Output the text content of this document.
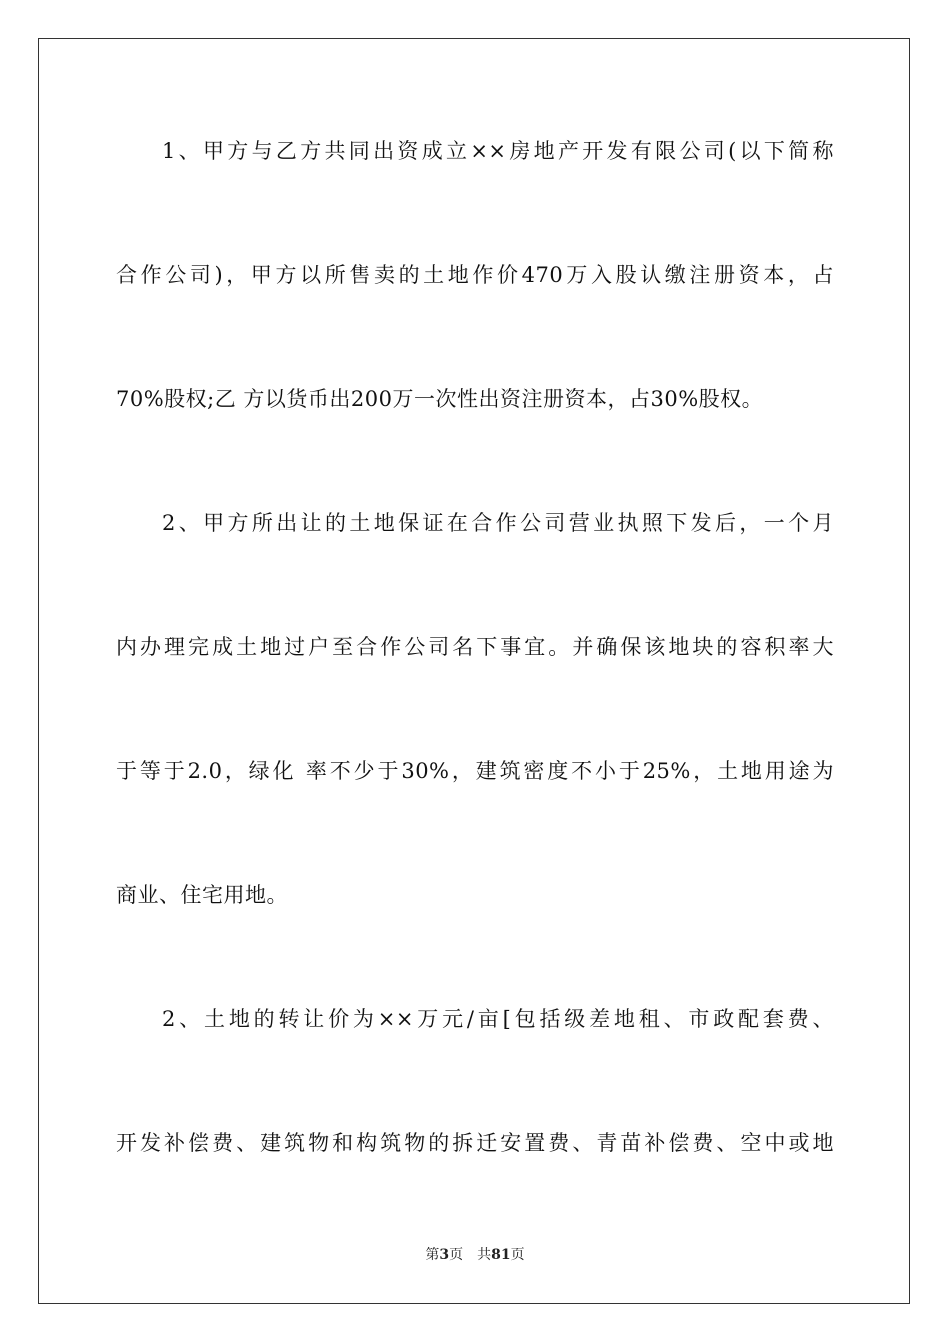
1、甲方与乙方共同出资成立××房地产开发有限公司(以下简称
合作公司)，甲方以所售卖的土地作价470万入股认缴注册资本，占
70%股权;乙 方以货币出200万一次性出资注册资本，占30%股权。
2、甲方所出让的土地保证在合作公司营业执照下发后，一个月
内办理完成土地过户至合作公司名下事宜。并确保该地块的容积率大
于等于2.0，绿化 率不少于30%，建筑密度不小于25%，土地用途为
商业、住宅用地。
2、土地的转让价为××万元/亩[包括级差地租、市政配套费、
开发补偿费、建筑物和构筑物的拆迁安置费、青苗补偿费、空中或地
第3页 共81页
